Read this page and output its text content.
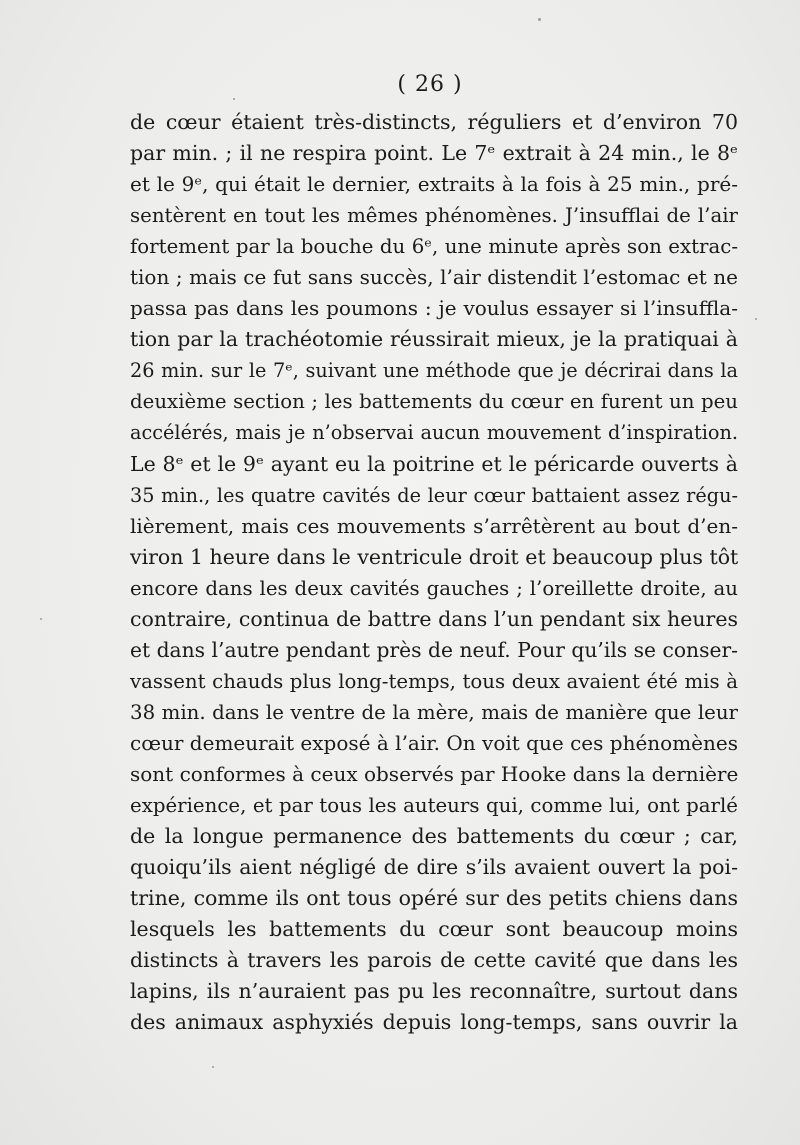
( 26 )
de cœur étaient très-distincts, réguliers et d’environ 70
par min. ; il ne respira point. Le 7ᵉ extrait à 24 min., le 8ᵉ
et le 9ᵉ, qui était le dernier, extraits à la fois à 25 min., pré-
sentèrent en tout les mêmes phénomènes. J’insufflai de l’air
fortement par la bouche du 6ᵉ, une minute après son extrac-
tion ; mais ce fut sans succès, l’air distendit l’estomac et ne
passa pas dans les poumons : je voulus essayer si l’insuffla-
tion par la trachéotomie réussirait mieux, je la pratiquai à
26 min. sur le 7ᵉ, suivant une méthode que je décrirai dans la
deuxième section ; les battements du cœur en furent un peu
accélérés, mais je n’observai aucun mouvement d’inspiration.
Le 8ᵉ et le 9ᵉ ayant eu la poitrine et le péricarde ouverts à
35 min., les quatre cavités de leur cœur battaient assez régu-
lièrement, mais ces mouvements s’arrêtèrent au bout d’en-
viron 1 heure dans le ventricule droit et beaucoup plus tôt
encore dans les deux cavités gauches ; l’oreillette droite, au
contraire, continua de battre dans l’un pendant six heures
et dans l’autre pendant près de neuf. Pour qu’ils se conser-
vassent chauds plus long-temps, tous deux avaient été mis à
38 min. dans le ventre de la mère, mais de manière que leur
cœur demeurait exposé à l’air. On voit que ces phénomènes
sont conformes à ceux observés par Hooke dans la dernière
expérience, et par tous les auteurs qui, comme lui, ont parlé
de la longue permanence des battements du cœur ; car,
quoiqu’ils aient négligé de dire s’ils avaient ouvert la poi-
trine, comme ils ont tous opéré sur des petits chiens dans
lesquels les battements du cœur sont beaucoup moins
distincts à travers les parois de cette cavité que dans les
lapins, ils n’auraient pas pu les reconnaître, surtout dans
des animaux asphyxiés depuis long-temps, sans ouvrir la
